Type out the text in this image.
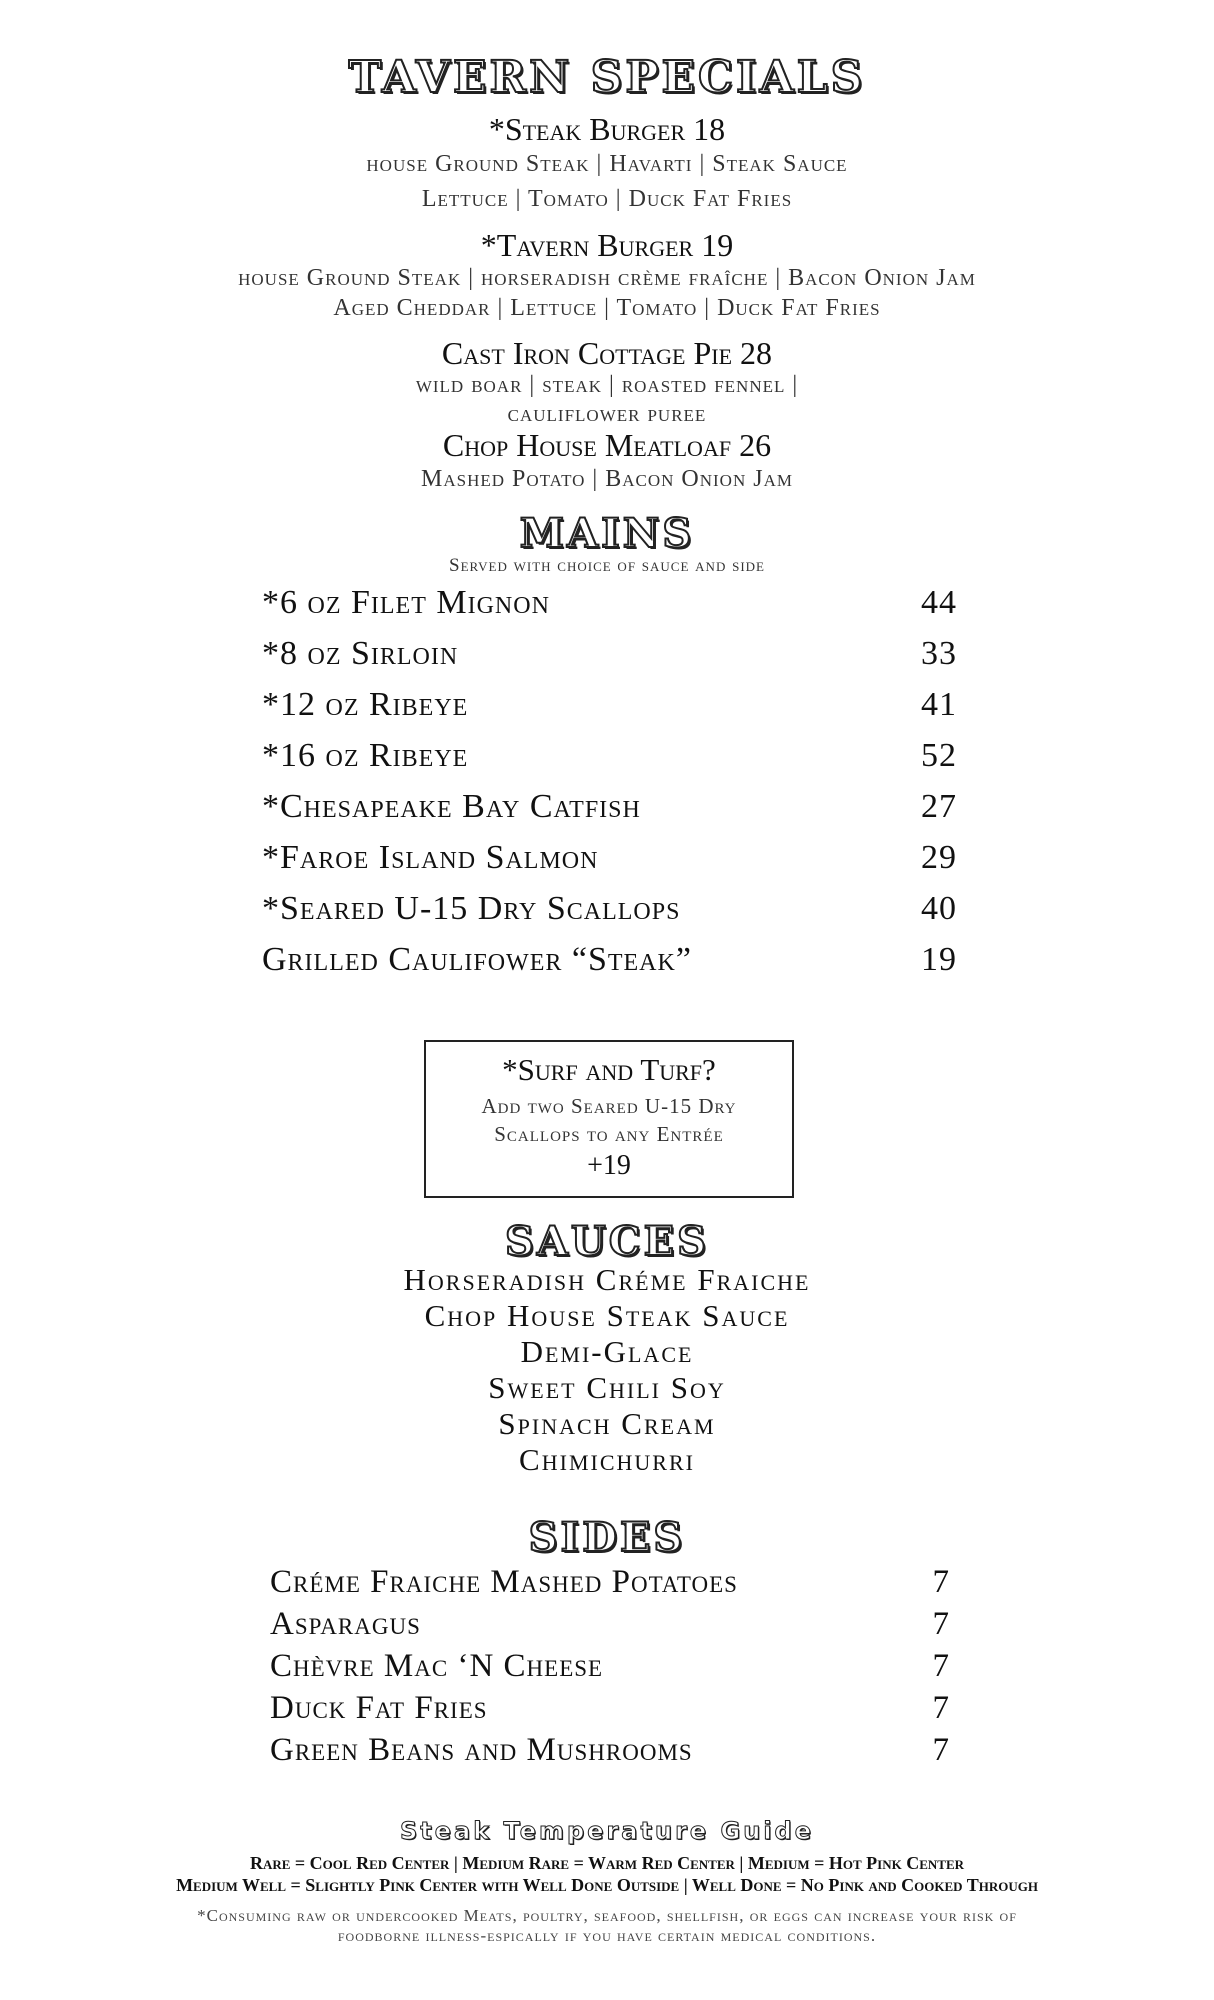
TAVERN SPECIALS
*Steak Burger 18
house Ground Steak | Havarti | Steak Sauce
Lettuce | Tomato | Duck Fat Fries
*Tavern Burger 19
house Ground Steak | horseradish crème fraîche | Bacon Onion Jam
Aged Cheddar | Lettuce | Tomato | Duck Fat Fries
Cast Iron Cottage Pie 28
wild boar | steak | roasted fennel |
cauliflower puree
Chop House Meatloaf 26
Mashed Potato | Bacon Onion Jam
MAINS
Served with choice of sauce and side
*6 oz Filet Mignon	44
*8 oz Sirloin	33
*12 oz Ribeye	41
*16 oz Ribeye	52
*Chesapeake Bay Catfish	27
*Faroe Island Salmon	29
*Seared U-15 Dry Scallops	40
Grilled Caulifower “Steak”	19
*Surf and Turf?
Add two Seared U-15 Dry
Scallops to any Entrée
+19
SAUCES
Horseradish Créme Fraiche
Chop House Steak Sauce
Demi-Glace
Sweet Chili Soy
Spinach Cream
Chimichurri
SIDES
Créme Fraiche Mashed Potatoes	7
Asparagus	7
Chèvre Mac ‘N Cheese	7
Duck Fat Fries	7
Green Beans and Mushrooms	7
Steak Temperature Guide
Rare = Cool Red Center | Medium Rare = Warm Red Center | Medium = Hot Pink Center
Medium Well = Slightly Pink Center with Well Done Outside | Well Done = No Pink and Cooked Through
*Consuming raw or undercooked Meats, poultry, seafood, shellfish, or eggs can increase your risk of
foodborne illness-espically if you have certain medical conditions.
